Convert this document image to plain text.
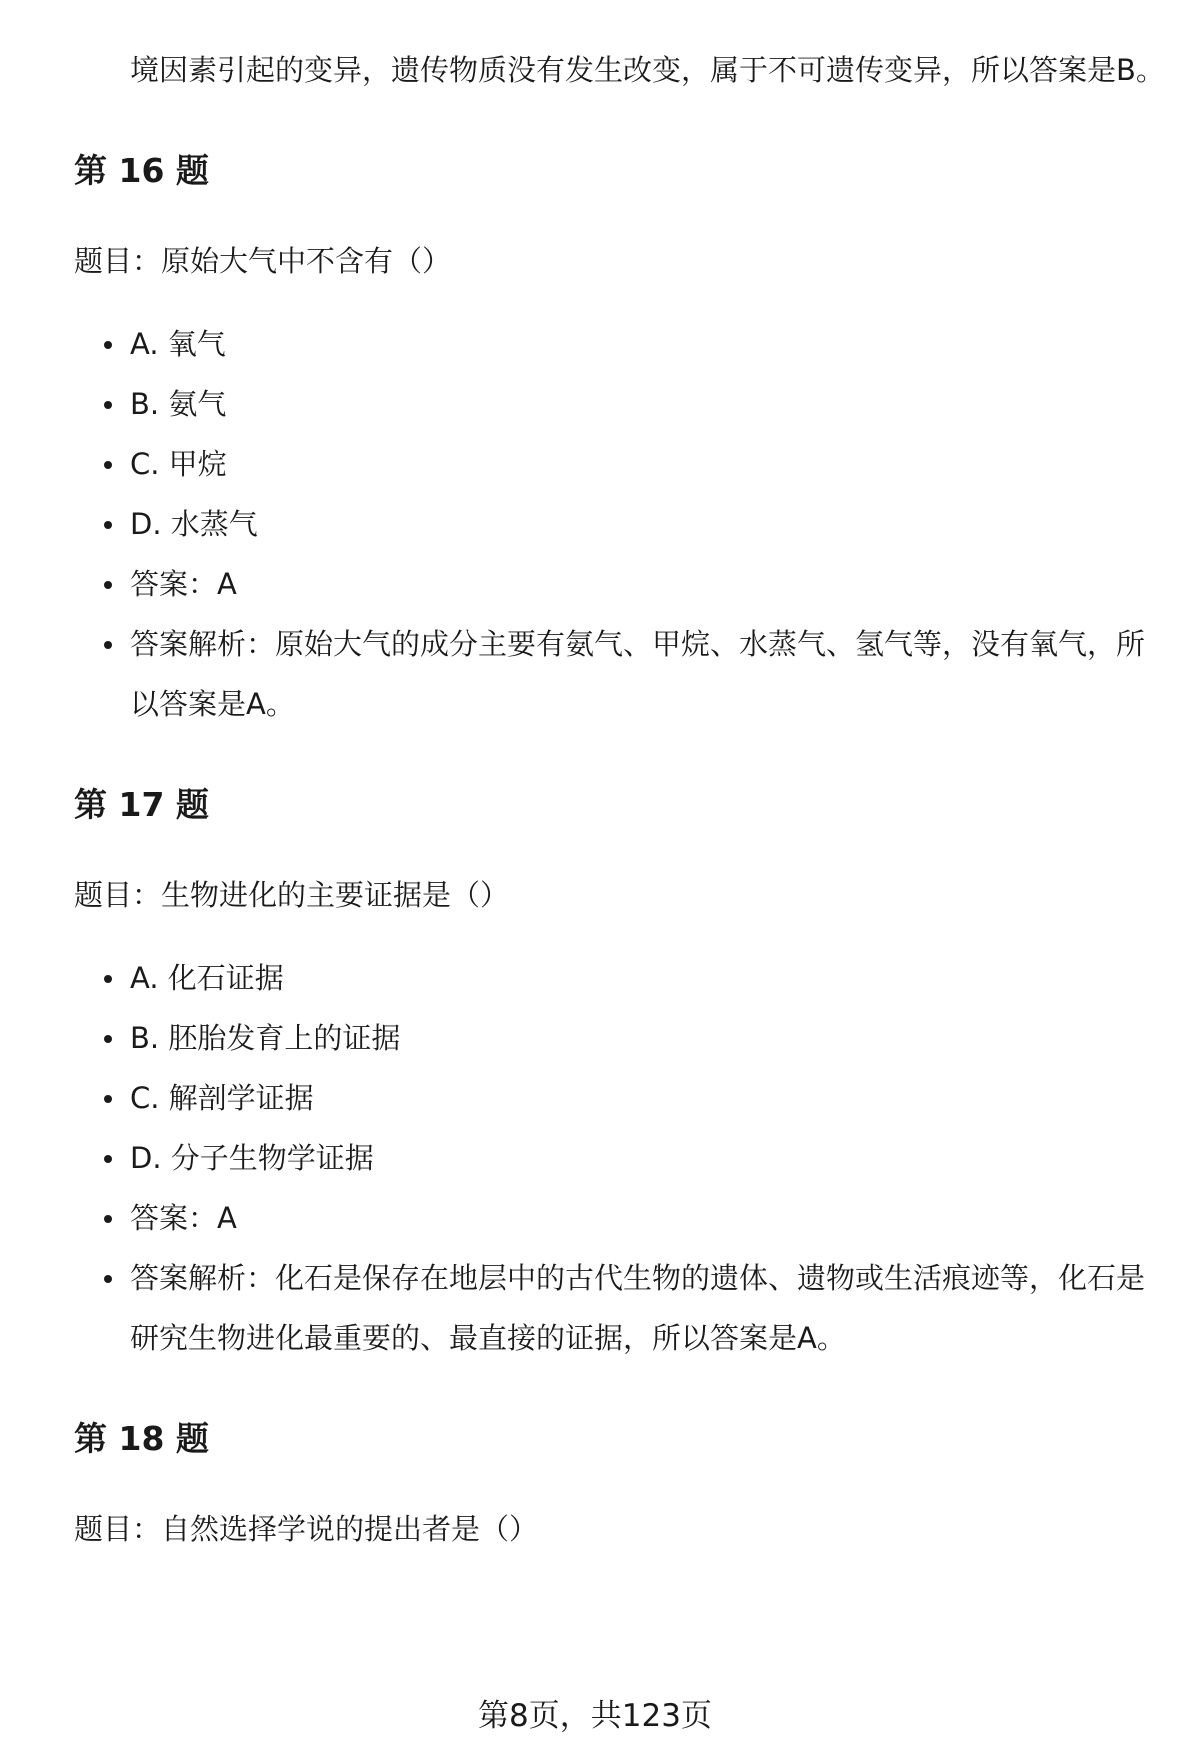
境因素引起的变异，遗传物质没有发生改变，属于不可遗传变异，所以答案是B。

第 16 题

题目：原始大气中不含有（）

A. 氧气
B. 氨气
C. 甲烷
D. 水蒸气
答案：A
答案解析：原始大气的成分主要有氨气、甲烷、水蒸气、氢气等，没有氧气，所以答案是A。
第 17 题

题目：生物进化的主要证据是（）

A. 化石证据
B. 胚胎发育上的证据
C. 解剖学证据
D. 分子生物学证据
答案：A
答案解析：化石是保存在地层中的古代生物的遗体、遗物或生活痕迹等，化石是研究生物进化最重要的、最直接的证据，所以答案是A。
第 18 题

题目：自然选择学说的提出者是（）

第8页，共123页
